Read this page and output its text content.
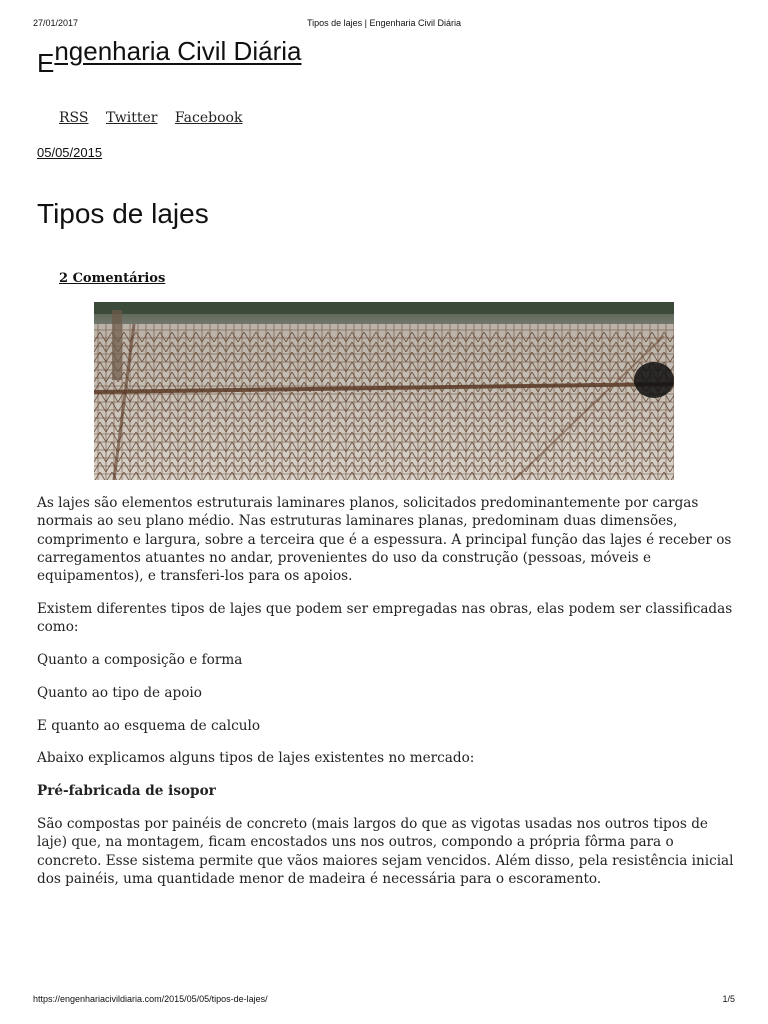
27/01/2017	Tipos de lajes | Engenharia Civil Diária
Engenharia Civil Diária
RSS Twitter Facebook
05/05/2015
Tipos de lajes
2 Comentários

As lajes são elementos estruturais laminares planos, solicitados predominantemente por cargas normais ao seu plano médio. Nas estruturas laminares planas, predominam duas dimensões, comprimento e largura, sobre a terceira que é a espessura. A principal função das lajes é receber os carregamentos atuantes no andar, provenientes do uso da construção (pessoas, móveis e equipamentos), e transferi-los para os apoios.

Existem diferentes tipos de lajes que podem ser empregadas nas obras, elas podem ser classificadas como:

Quanto a composição e forma

Quanto ao tipo de apoio

E quanto ao esquema de calculo

Abaixo explicamos alguns tipos de lajes existentes no mercado:

Pré-fabricada de isopor

São compostas por painéis de concreto (mais largos do que as vigotas usadas nos outros tipos de laje) que, na montagem, ficam encostados uns nos outros, compondo a própria fôrma para o concreto. Esse sistema permite que vãos maiores sejam vencidos. Além disso, pela resistência inicial dos painéis, uma quantidade menor de madeira é necessária para o escoramento.

https://engenhariacivildiaria.com/2015/05/05/tipos-de-lajes/	1/5
